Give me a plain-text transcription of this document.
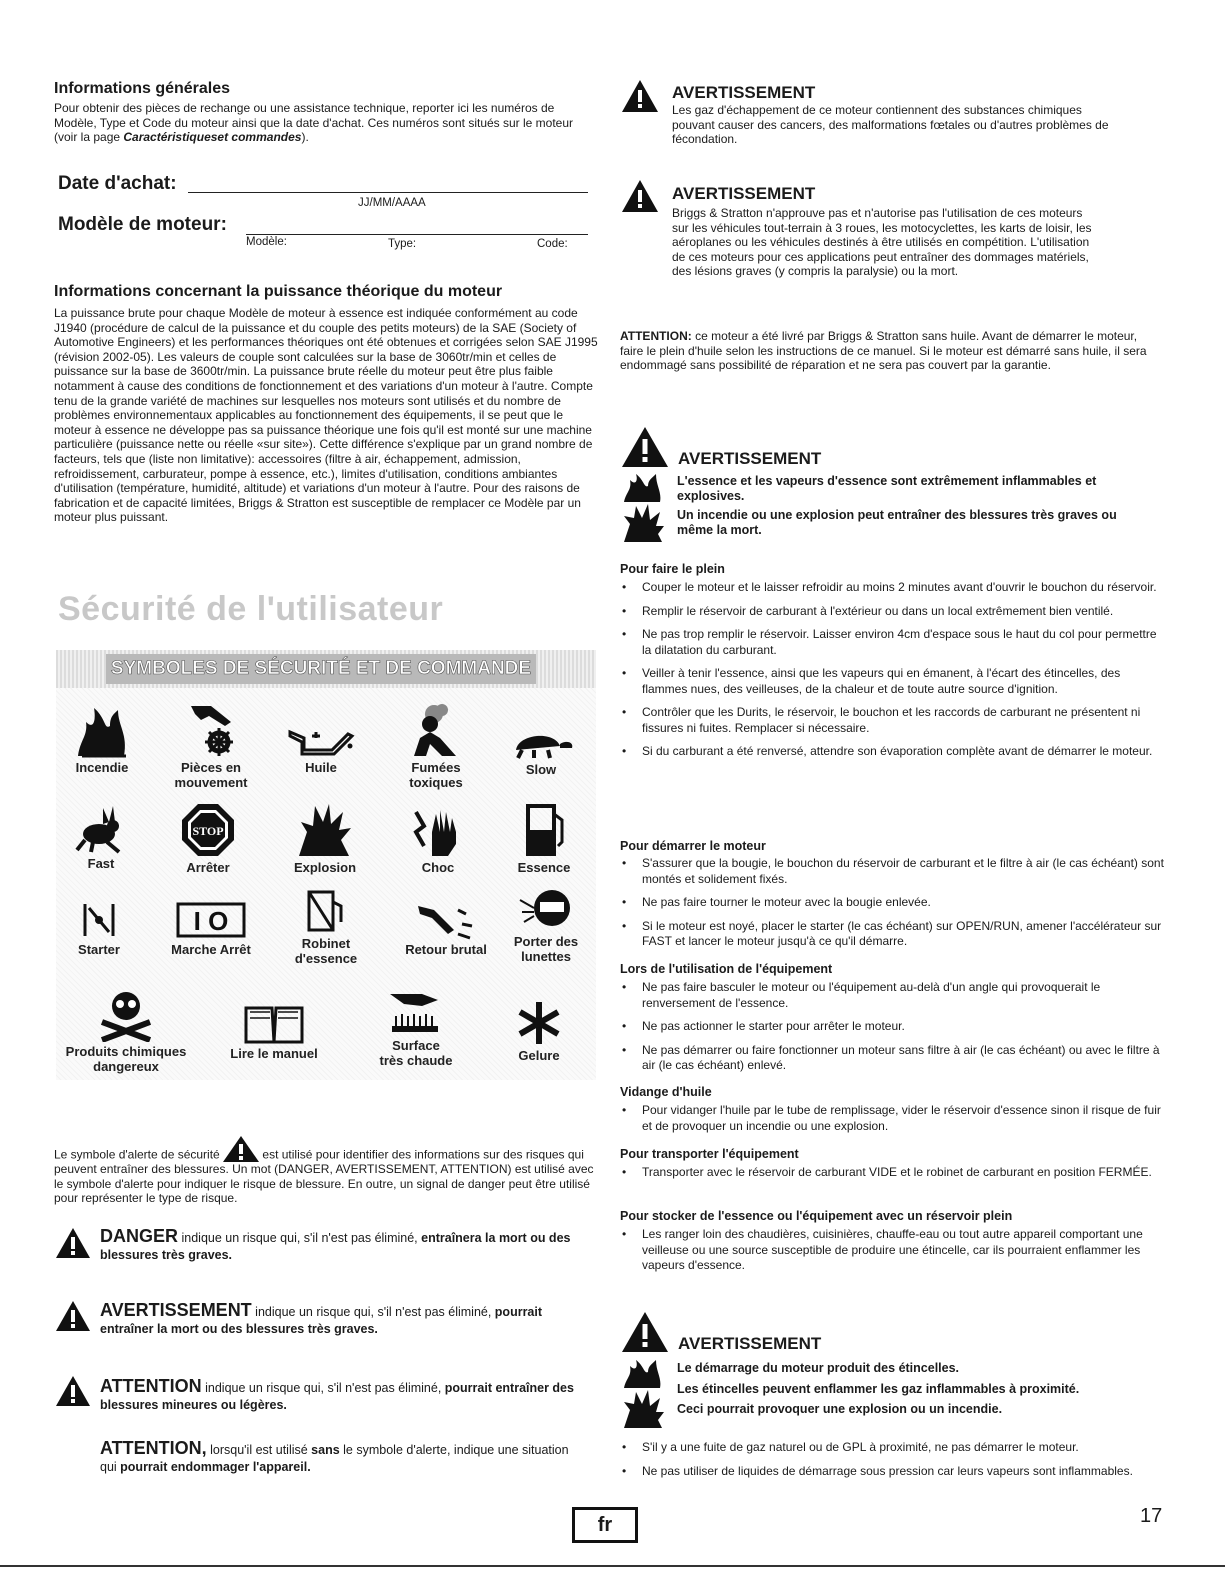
Informations générales

Pour obtenir des pièces de rechange ou une assistance technique, reporter ici les numéros de Modèle, Type et Code du moteur ainsi que la date d'achat. Ces numéros sont situés sur le moteur (voir la page Caractéristiqueset commandes).

Date d'achat:
JJ/MM/AAAA
Modèle de moteur:
Modèle:	Type:	Code:
Informations concernant la puissance théorique du moteur

La puissance brute pour chaque Modèle de moteur à essence est indiquée conformément au code J1940 (procédure de calcul de la puissance et du couple des petits moteurs) de la SAE (Society of Automotive Engineers) et les performances théoriques ont été obtenues et corrigées selon SAE J1995 (révision 2002-05). Les valeurs de couple sont calculées sur la base de 3060tr/min et celles de puissance sur la base de 3600tr/min. La puissance brute réelle du moteur peut être plus faible notamment à cause des conditions de fonctionnement et des variations d'un moteur à l'autre. Compte tenu de la grande variété de machines sur lesquelles nos moteurs sont utilisés et du nombre de problèmes environnementaux applicables au fonctionnement des équipements, il se peut que le moteur à essence ne développe pas sa puissance théorique une fois qu'il est monté sur une machine particulière (puissance nette ou réelle «sur site»). Cette différence s'explique par un grand nombre de facteurs, tels que (liste non limitative): accessoires (filtre à air, échappement, admission, refroidissement, carburateur, pompe à essence, etc.), limites d'utilisation, conditions ambiantes d'utilisation (température, humidité, altitude) et variations d'un moteur à l'autre. Pour des raisons de fabrication et de capacité limitées, Briggs & Stratton est susceptible de remplacer ce Modèle par un moteur plus puissant.

Sécurité de l'utilisateur
SYMBOLES DE SÉCURITÉ ET DE COMMANDE
Incendie	Pièces en
mouvement
Huile	Fumées
toxiques
Slow
Fast
STOP
Arrêter	Explosion	Choc	Essence
Starter
I O
Marche Arrêt	Robinet
d'essence
Retour brutal
Porter des
lunettes
Produits chimiques
dangereux
Lire le manuel
Surface
très chaude	Gelure

Le symbole d'alerte de sécurité	est utilisé pour identifier des informations sur des risques qui peuvent entraîner des blessures. Un mot (DANGER, AVERTISSEMENT, ATTENTION) est utilisé avec le symbole d'alerte pour indiquer le risque de blessure. En outre, un signal de danger peut être utilisé pour représenter le type de risque.

DANGER indique un risque qui, s'il n'est pas éliminé, entraînera la mort ou des blessures très graves.
AVERTISSEMENT indique un risque qui, s'il n'est pas éliminé, pourrait entraîner la mort ou des blessures très graves.
ATTENTION indique un risque qui, s'il n'est pas éliminé, pourrait entraîner des blessures mineures ou légères.
ATTENTION, lorsqu'il est utilisé sans le symbole d'alerte, indique une situation qui pourrait endommager l'appareil.
AVERTISSEMENT

Les gaz d'échappement de ce moteur contiennent des substances chimiques pouvant causer des cancers, des malformations fœtales ou d'autres problèmes de fécondation.

AVERTISSEMENT

Briggs & Stratton n'approuve pas et n'autorise pas l'utilisation de ces moteurs sur les véhicules tout-terrain à 3 roues, les motocyclettes, les karts de loisir, les aéroplanes ou les véhicules destinés à être utilisés en compétition. L'utilisation de ces moteurs pour ces applications peut entraîner des dommages matériels, des lésions graves (y compris la paralysie) ou la mort.

ATTENTION: ce moteur a été livré par Briggs & Stratton sans huile. Avant de démarrer le moteur, faire le plein d'huile selon les instructions de ce manuel. Si le moteur est démarré sans huile, il sera endommagé sans possibilité de réparation et ne sera pas couvert par la garantie.

AVERTISSEMENT
L'essence et les vapeurs d'essence sont extrêmement inflammables et explosives.
Un incendie ou une explosion peut entraîner des blessures très graves ou même la mort.
Pour faire le plein
• Couper le moteur et le laisser refroidir au moins 2 minutes avant d'ouvrir le bouchon du réservoir.
• Remplir le réservoir de carburant à l'extérieur ou dans un local extrêmement bien ventilé.
• Ne pas trop remplir le réservoir. Laisser environ 4cm d'espace sous le haut du col pour permettre la dilatation du carburant.
• Veiller à tenir l'essence, ainsi que les vapeurs qui en émanent, à l'écart des étincelles, des flammes nues, des veilleuses, de la chaleur et de toute autre source d'ignition.
• Contrôler que les Durits, le réservoir, le bouchon et les raccords de carburant ne présentent ni fissures ni fuites. Remplacer si nécessaire.
• Si du carburant a été renversé, attendre son évaporation complète avant de démarrer le moteur.
Pour démarrer le moteur
• S'assurer que la bougie, le bouchon du réservoir de carburant et le filtre à air (le cas échéant) sont montés et solidement fixés.
• Ne pas faire tourner le moteur avec la bougie enlevée.
• Si le moteur est noyé, placer le starter (le cas échéant) sur OPEN/RUN, amener l'accélérateur sur FAST et lancer le moteur jusqu'à ce qu'il démarre.
Lors de l'utilisation de l'équipement
• Ne pas faire basculer le moteur ou l'équipement au-delà d'un angle qui provoquerait le renversement de l'essence.
• Ne pas actionner le starter pour arrêter le moteur.
• Ne pas démarrer ou faire fonctionner un moteur sans filtre à air (le cas échéant) ou avec le filtre à air (le cas échéant) enlevé.
Vidange d'huile
• Pour vidanger l'huile par le tube de remplissage, vider le réservoir d'essence sinon il risque de fuir et de provoquer un incendie ou une explosion.
Pour transporter l'équipement
• Transporter avec le réservoir de carburant VIDE et le robinet de carburant en position FERMÉE.
Pour stocker de l'essence ou l'équipement avec un réservoir plein
• Les ranger loin des chaudières, cuisinières, chauffe-eau ou tout autre appareil comportant une veilleuse ou une source susceptible de produire une étincelle, car ils pourraient enflammer les vapeurs d'essence.
AVERTISSEMENT
Le démarrage du moteur produit des étincelles.
Les étincelles peuvent enflammer les gaz inflammables à proximité.
Ceci pourrait provoquer une explosion ou un incendie.
• S'il y a une fuite de gaz naturel ou de GPL à proximité, ne pas démarrer le moteur.
• Ne pas utiliser de liquides de démarrage sous pression car leurs vapeurs sont inflammables.
fr	17
